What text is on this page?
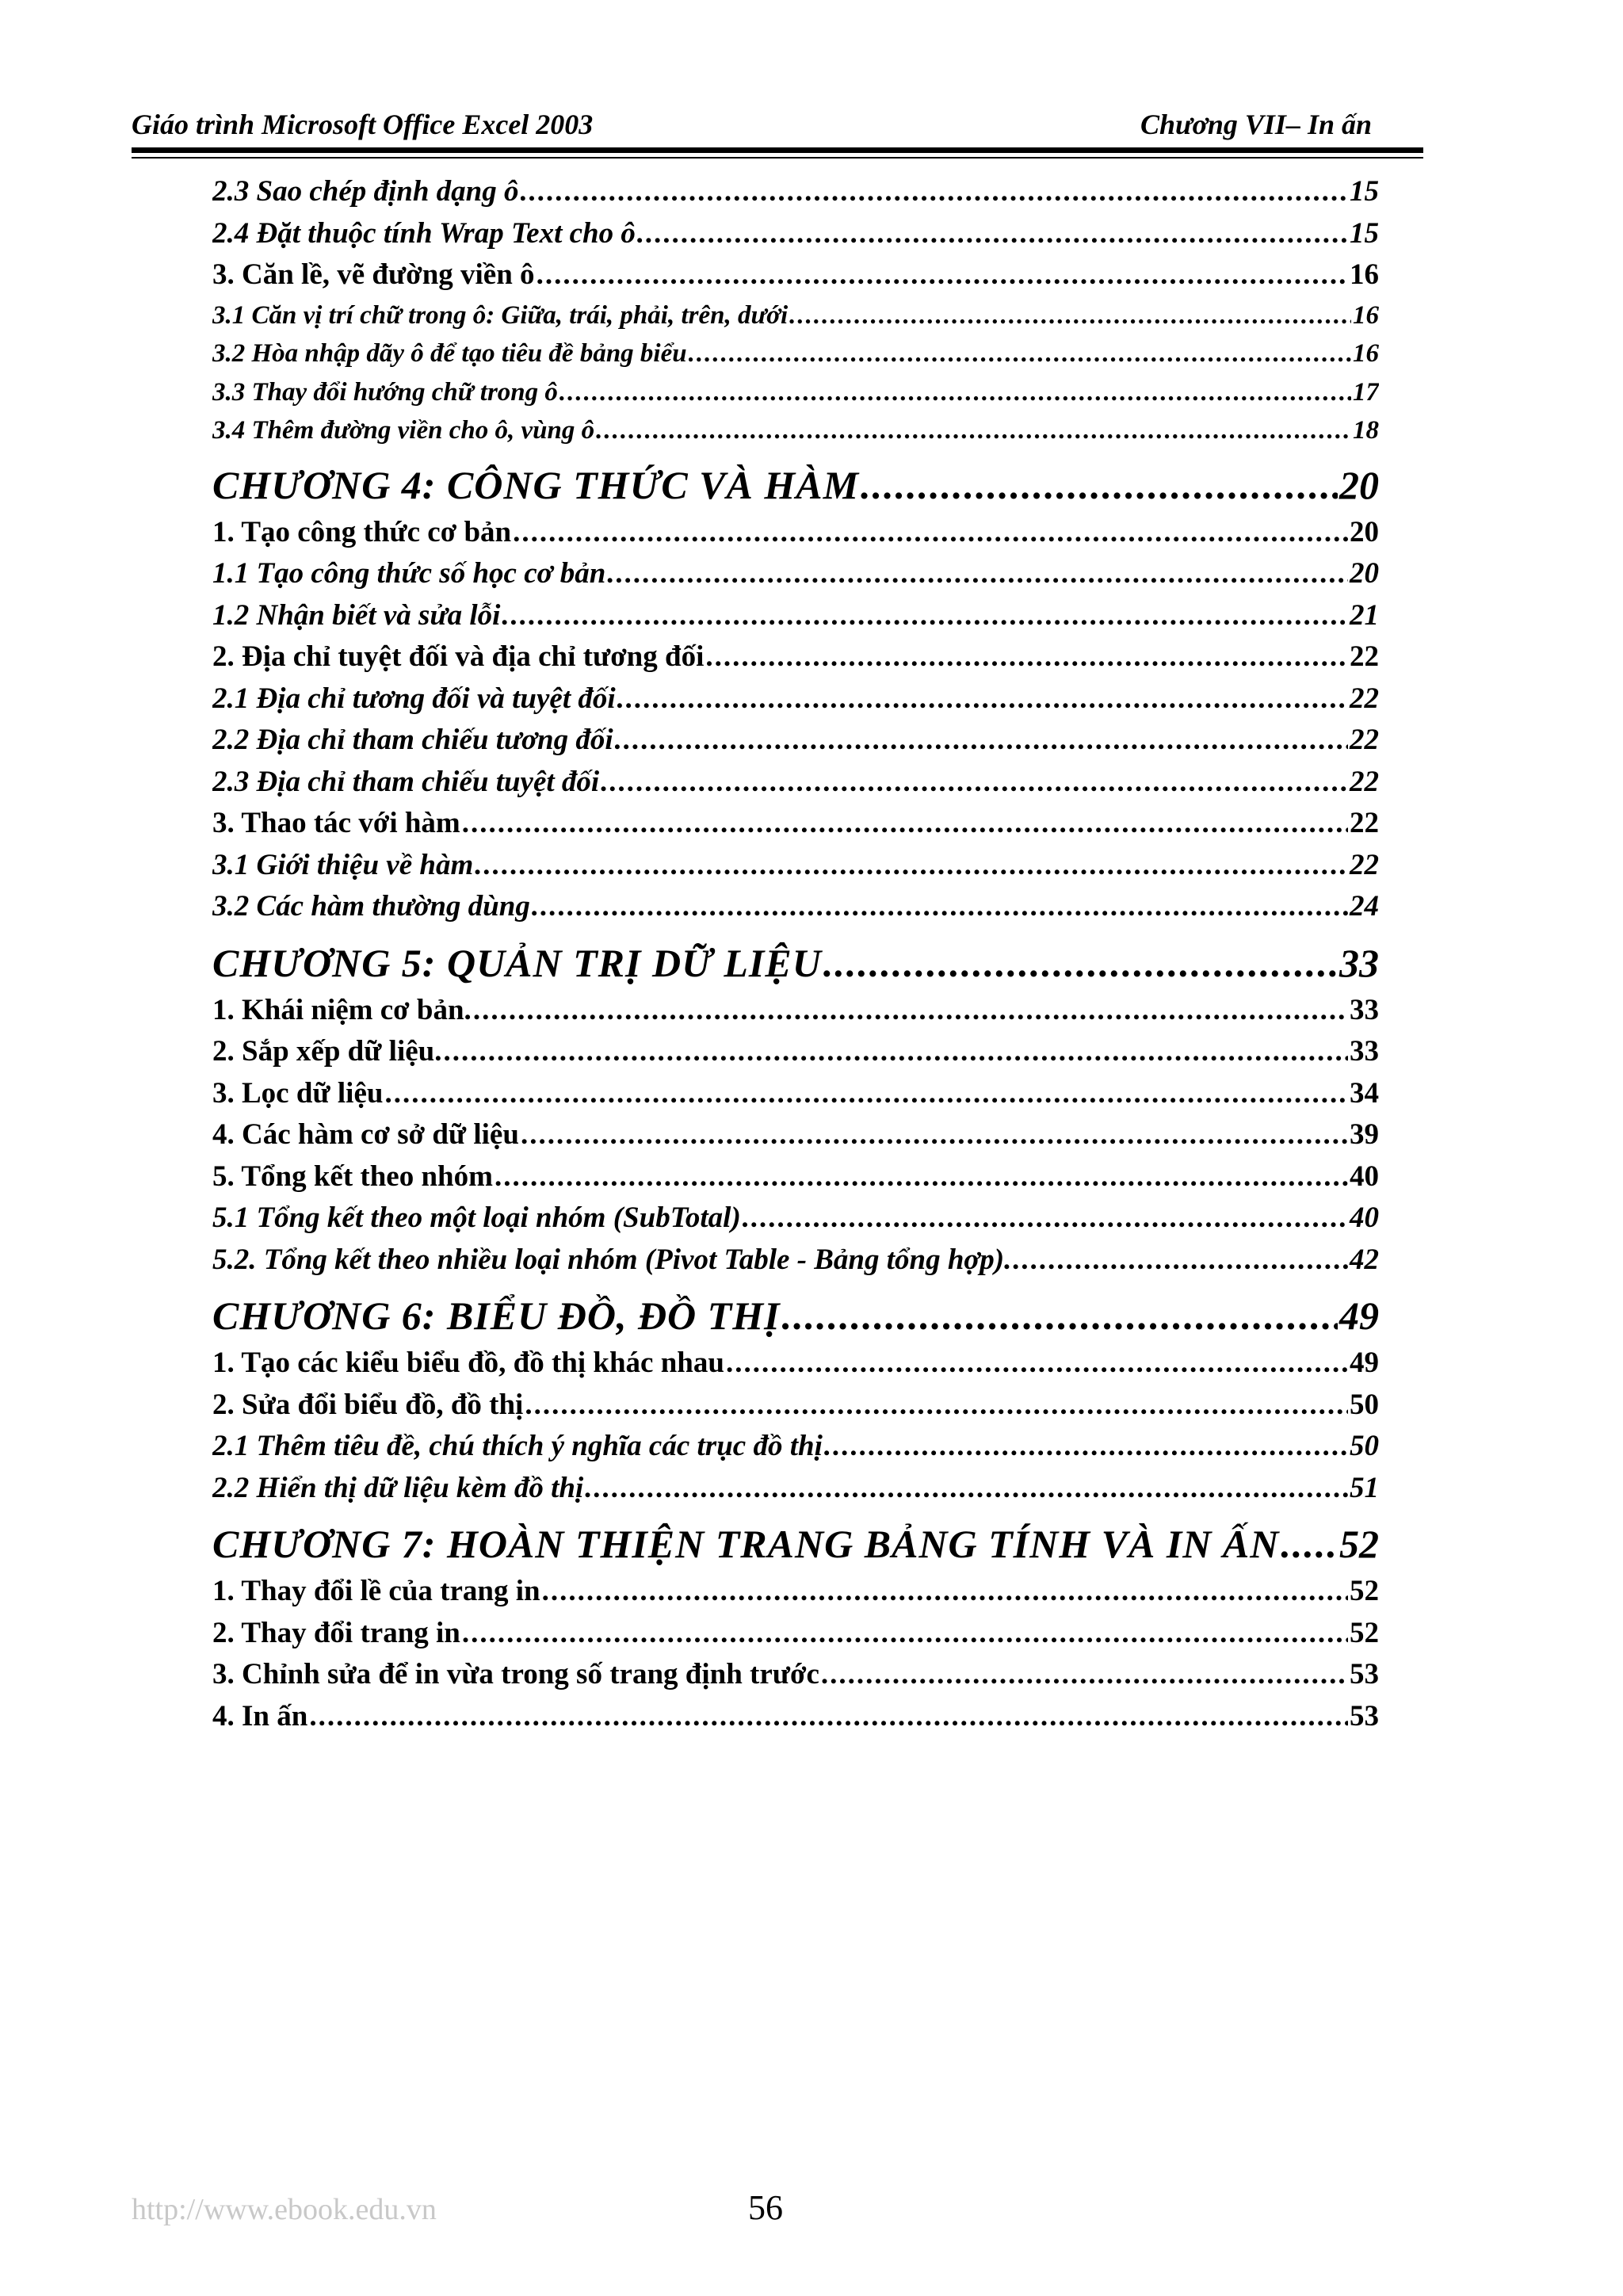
Giáo trình Microsoft Office Excel 2003	Chương VII– In ấn
2.3 Sao chép định dạng ô .....	15
2.4 Đặt thuộc tính Wrap Text cho ô .....	15
3. Căn lề, vẽ đường viền ô .....	16
3.1 Căn vị trí chữ trong ô: Giữa, trái, phải, trên, dưới .....	16
3.2 Hòa nhập dãy ô để tạo tiêu đề bảng biểu .....	16
3.3 Thay đổi hướng chữ trong ô .....	17
3.4 Thêm đường viền cho ô, vùng ô .....	18
CHƯƠNG 4: CÔNG THỨC VÀ HÀM .....	20
1. Tạo công thức cơ bản .....	20
1.1 Tạo công thức số học cơ bản .....	20
1.2 Nhận biết và sửa lỗi .....	21
2. Địa chỉ tuyệt đối và địa chỉ tương đối .....	22
2.1 Địa chỉ tương đối và tuyệt đối .....	22
2.2 Địa chỉ tham chiếu tương đối .....	22
2.3 Địa chỉ tham chiếu tuyệt đối .....	22
3. Thao tác với hàm .....	22
3.1 Giới thiệu về hàm .....	22
3.2 Các hàm thường dùng .....	24
CHƯƠNG 5: QUẢN TRỊ DỮ LIỆU .....	33
1. Khái niệm cơ bản. .....	33
2. Sắp xếp dữ liệu. .....	33
3. Lọc dữ liệu .....	34
4. Các hàm cơ sở dữ liệu .....	39
5. Tổng kết theo nhóm .....	40
5.1 Tổng kết theo một loại nhóm (SubTotal) .....	40
5.2. Tổng kết theo nhiều loại nhóm (Pivot Table - Bảng tổng hợp). .....	42
CHƯƠNG 6: BIỂU ĐỒ, ĐỒ THỊ .....	49
1. Tạo các kiểu biểu đồ, đồ thị khác nhau .....	49
2. Sửa đổi biểu đồ, đồ thị .....	50
2.1 Thêm tiêu đề, chú thích ý nghĩa các trục đồ thị .....	50
2.2 Hiển thị dữ liệu kèm đồ thị .....	51
CHƯƠNG 7: HOÀN THIỆN TRANG BẢNG TÍNH VÀ IN ẤN ..... 52
1. Thay đổi lề của trang in .....	52
2. Thay đổi trang in .....	52
3. Chỉnh sửa để in vừa trong số trang định trước .....	53
4. In ấn .....	53
http://www.ebook.edu.vn	56
